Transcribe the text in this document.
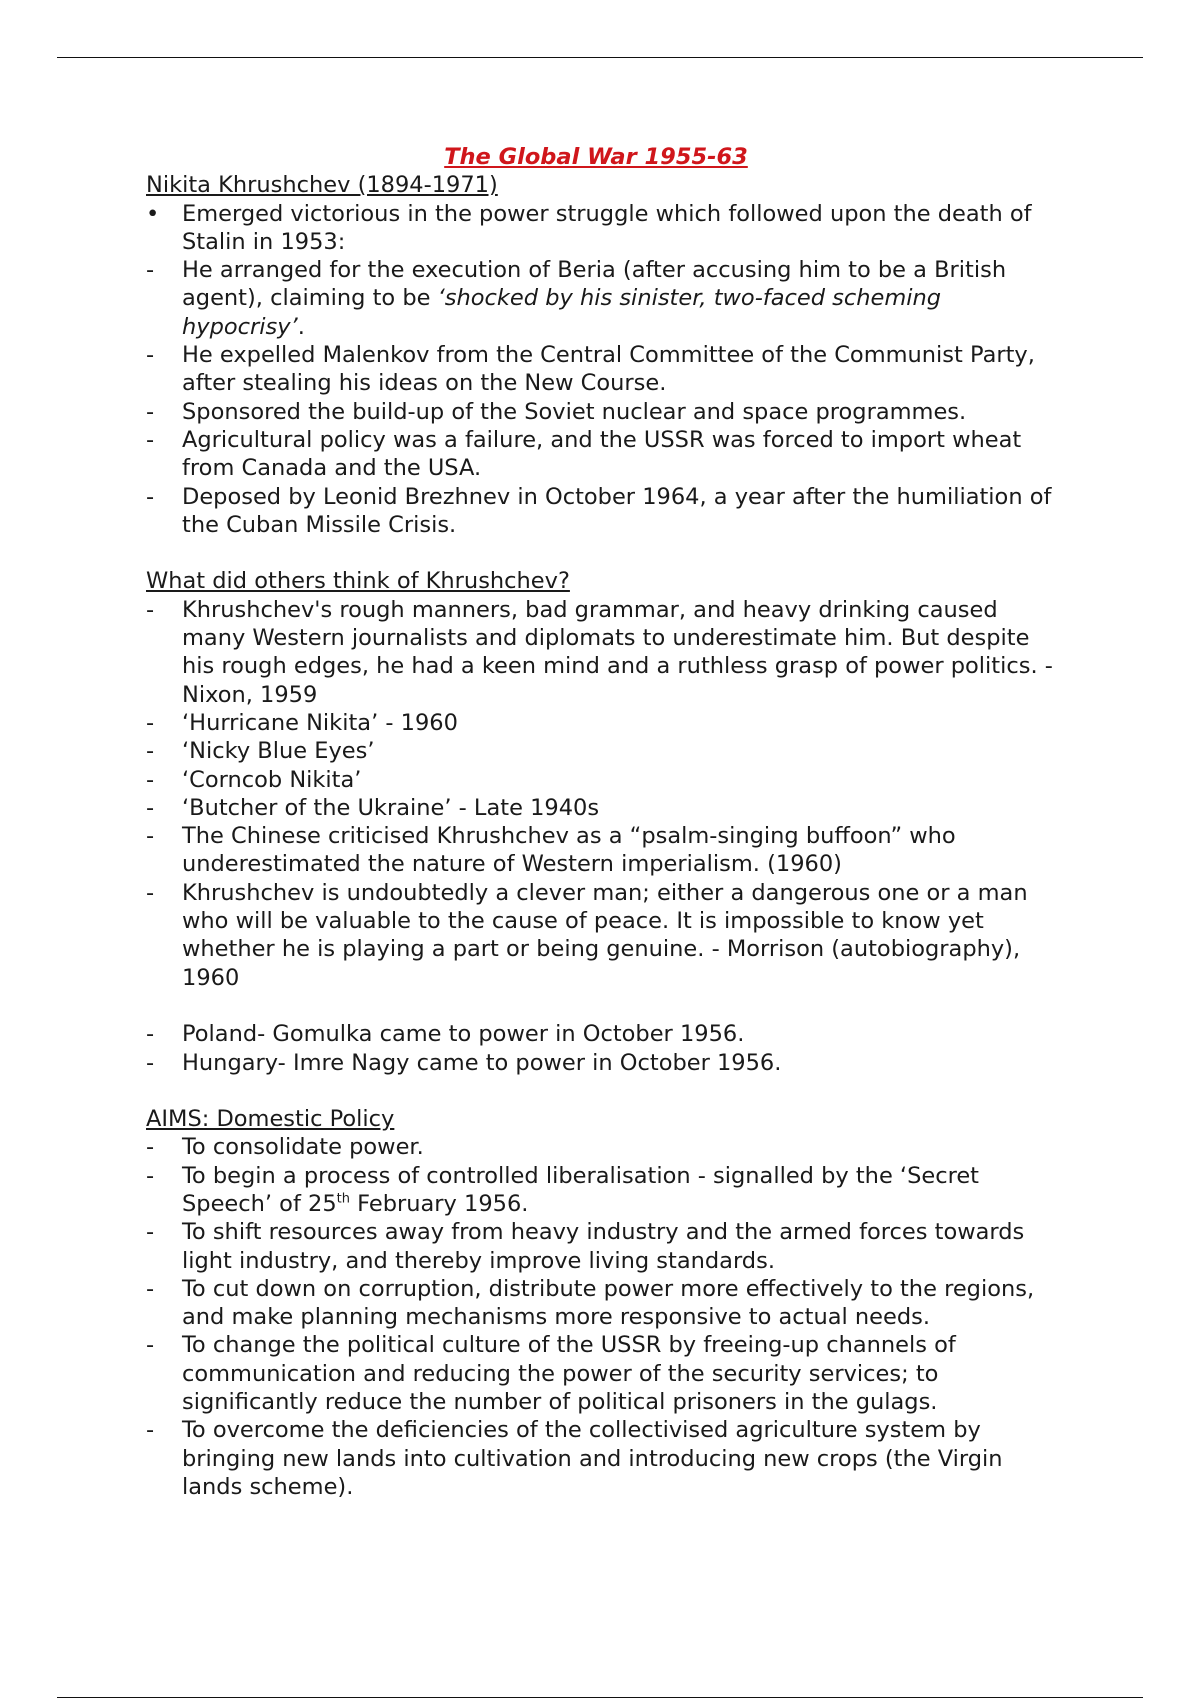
The Global War 1955-63
Nikita Khrushchev (1894-1971)
•	Emerged victorious in the power struggle which followed upon the death of Stalin in 1953:
-	He arranged for the execution of Beria (after accusing him to be a British agent), claiming to be ‘shocked by his sinister, two-faced scheming hypocrisy’.
-	He expelled Malenkov from the Central Committee of the Communist Party, after stealing his ideas on the New Course.
-	Sponsored the build-up of the Soviet nuclear and space programmes.
-	Agricultural policy was a failure, and the USSR was forced to import wheat from Canada and the USA.
-	Deposed by Leonid Brezhnev in October 1964, a year after the humiliation of the Cuban Missile Crisis.
What did others think of Khrushchev?
-	Khrushchev's rough manners, bad grammar, and heavy drinking caused many Western journalists and diplomats to underestimate him. But despite his rough edges, he had a keen mind and a ruthless grasp of power politics. - Nixon, 1959
-	‘Hurricane Nikita’ - 1960
-	‘Nicky Blue Eyes’
-	‘Corncob Nikita’
-	‘Butcher of the Ukraine’ - Late 1940s
-	The Chinese criticised Khrushchev as a “psalm-singing buffoon” who underestimated the nature of Western imperialism. (1960)
-	Khrushchev is undoubtedly a clever man; either a dangerous one or a man who will be valuable to the cause of peace. It is impossible to know yet whether he is playing a part or being genuine. - Morrison (autobiography), 1960
-	Poland- Gomulka came to power in October 1956.
-	Hungary- Imre Nagy came to power in October 1956.
AIMS: Domestic Policy
-	To consolidate power.
-	To begin a process of controlled liberalisation - signalled by the ‘Secret Speech’ of 25th February 1956.
-	To shift resources away from heavy industry and the armed forces towards light industry, and thereby improve living standards.
-	To cut down on corruption, distribute power more effectively to the regions, and make planning mechanisms more responsive to actual needs.
-	To change the political culture of the USSR by freeing-up channels of communication and reducing the power of the security services; to significantly reduce the number of political prisoners in the gulags.
-	To overcome the deficiencies of the collectivised agriculture system by bringing new lands into cultivation and introducing new crops (the Virgin lands scheme).
